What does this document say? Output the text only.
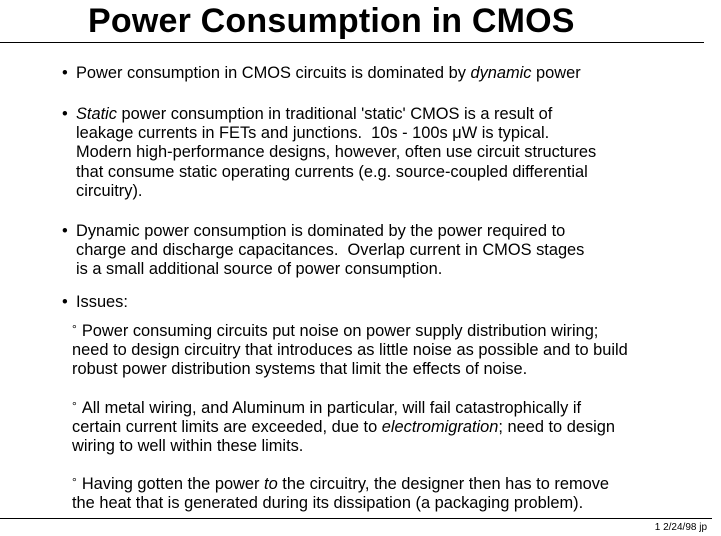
Power Consumption in CMOS
• Power consumption in CMOS circuits is dominated by dynamic power
• Static power consumption in traditional 'static' CMOS is a result of
leakage currents in FETs and junctions.  10s - 100s μW is typical.
Modern high-performance designs, however, often use circuit structures
that consume static operating currents (e.g. source-coupled differential
circuitry).
• Dynamic power consumption is dominated by the power required to
charge and discharge capacitances.  Overlap current in CMOS stages
is a small additional source of power consumption.
• Issues:
° Power consuming circuits put noise on power supply distribution wiring;
need to design circuitry that introduces as little noise as possible and to build
robust power distribution systems that limit the effects of noise.
° All metal wiring, and Aluminum in particular, will fail catastrophically if
certain current limits are exceeded, due to electromigration; need to design
wiring to well within these limits.
° Having gotten the power to the circuitry, the designer then has to remove
the heat that is generated during its dissipation (a packaging problem).
1 2/24/98 jp
